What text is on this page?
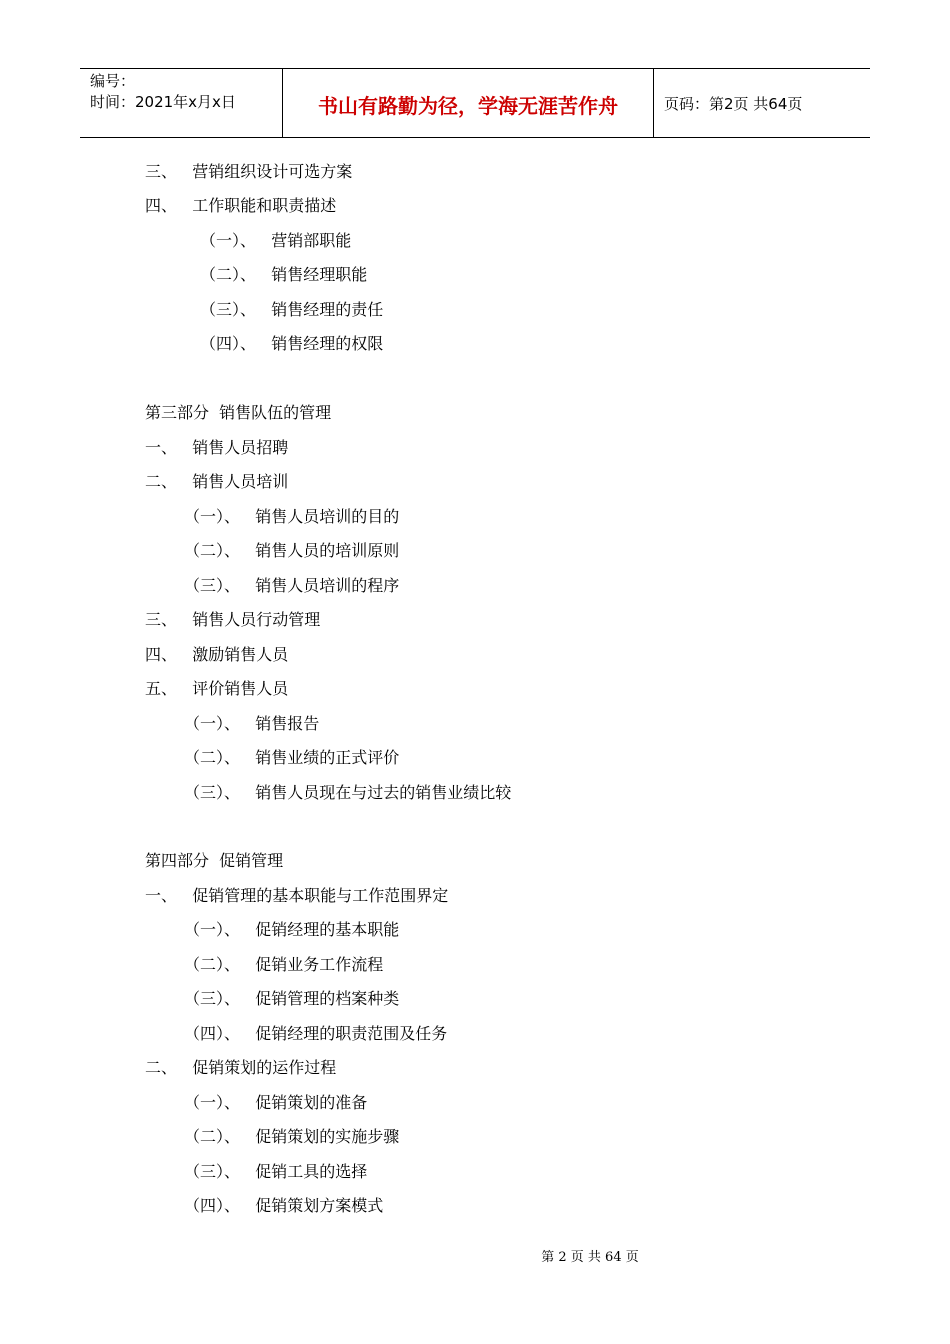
编号：
时间：2021年x月x日	书山有路勤为径，学海无涯苦作舟	页码：第2页 共64页
三、   营销组织设计可选方案
四、   工作职能和职责描述
（一）、   营销部职能
（二）、   销售经理职能
（三）、   销售经理的责任
（四）、   销售经理的权限
第三部分  销售队伍的管理
一、   销售人员招聘
二、   销售人员培训
（一）、   销售人员培训的目的
（二）、   销售人员的培训原则
（三）、   销售人员培训的程序
三、   销售人员行动管理
四、   激励销售人员
五、   评价销售人员
（一）、   销售报告
（二）、   销售业绩的正式评价
（三）、   销售人员现在与过去的销售业绩比较
第四部分  促销管理
一、   促销管理的基本职能与工作范围界定
（一）、   促销经理的基本职能
（二）、   促销业务工作流程
（三）、   促销管理的档案种类
（四）、   促销经理的职责范围及任务
二、   促销策划的运作过程
（一）、   促销策划的准备
（二）、   促销策划的实施步骤
（三）、   促销工具的选择
（四）、   促销策划方案模式
第 2 页 共 64 页
